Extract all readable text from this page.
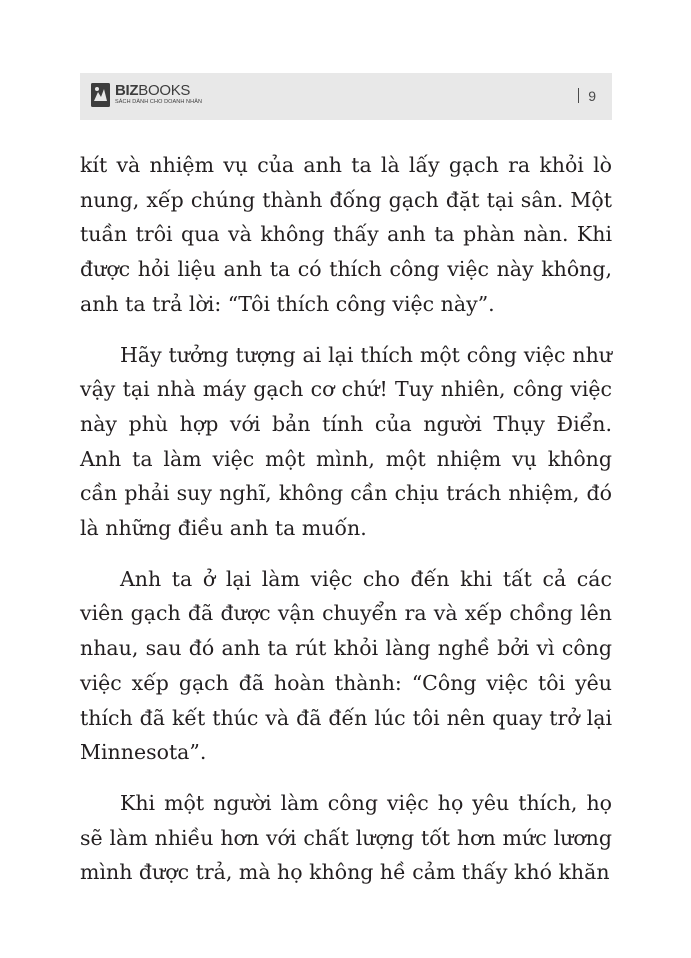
BIZBOOKS
SÁCH DÀNH CHO DOANH NHÂN	9

kít và nhiệm vụ của anh ta là lấy gạch ra khỏi lò nung, xếp chúng thành đống gạch đặt tại sân. Một tuần trôi qua và không thấy anh ta phàn nàn. Khi được hỏi liệu anh ta có thích công việc này không, anh ta trả lời: “Tôi thích công việc này”.

Hãy tưởng tượng ai lại thích một công việc như vậy tại nhà máy gạch cơ chứ! Tuy nhiên, công việc này phù hợp với bản tính của người Thụy Điển. Anh ta làm việc một mình, một nhiệm vụ không cần phải suy nghĩ, không cần chịu trách nhiệm, đó là những điều anh ta muốn.

Anh ta ở lại làm việc cho đến khi tất cả các viên gạch đã được vận chuyển ra và xếp chồng lên nhau, sau đó anh ta rút khỏi làng nghề bởi vì công việc xếp gạch đã hoàn thành: “Công việc tôi yêu thích đã kết thúc và đã đến lúc tôi nên quay trở lại Minnesota”.

Khi một người làm công việc họ yêu thích, họ sẽ làm nhiều hơn với chất lượng tốt hơn mức lương mình được trả, mà họ không hề cảm thấy khó khăn
